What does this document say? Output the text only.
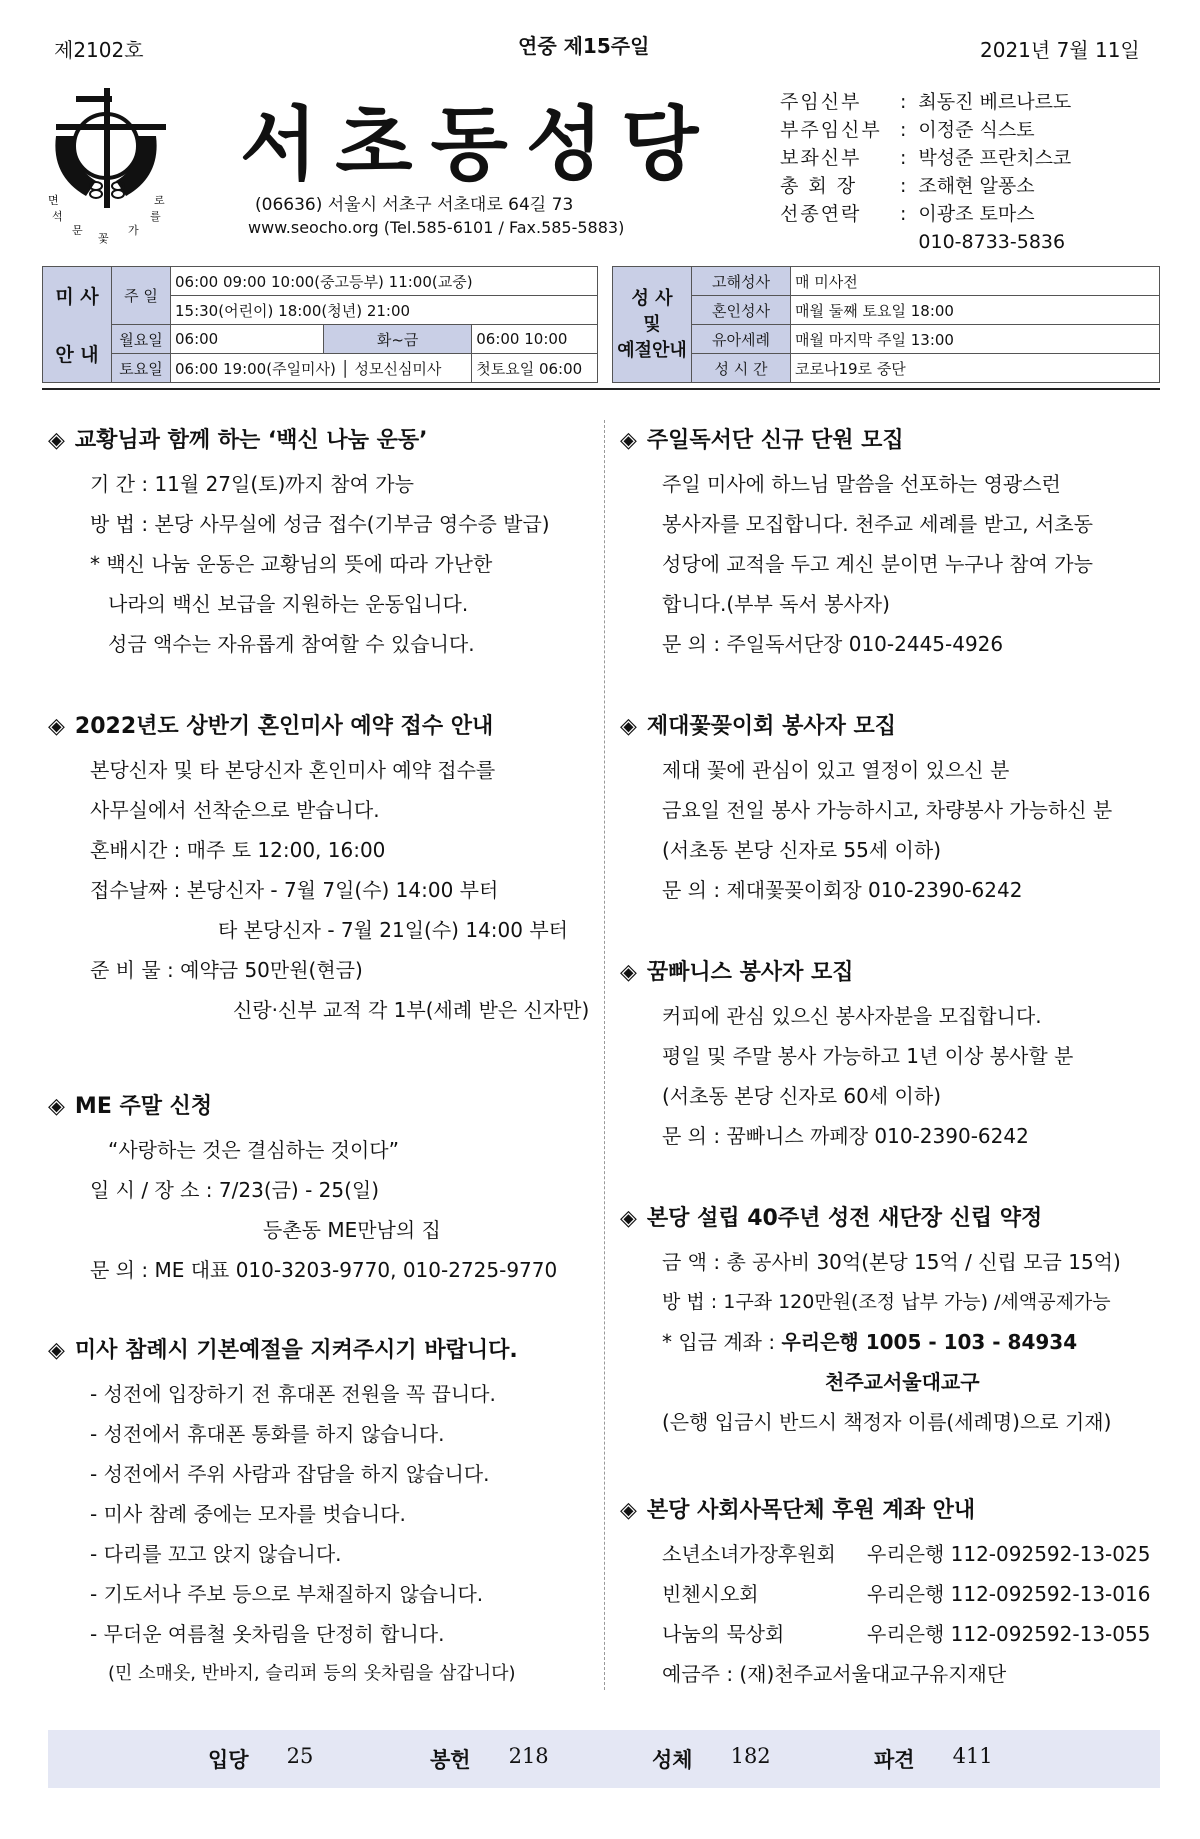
제2102호	연중 제15주일	2021년 7월 11일
면
석
문
꽃
가
로
를
서초동성당
(06636) 서울시 서초구 서초대로 64길 73
www.seocho.org (Tel.585-6101 / Fax.585-5883)
주임신부	: 최동진 베르나르도
부주임신부 : 이정준 식스토
보좌신부	: 박성준 프란치스코
총 회 장	: 조해현 알퐁소
선종연락	: 이광조 토마스
010-8733-5836
미 사	주 일	06:00 09:00 10:00(중고등부) 11:00(교중)		
		15:30(어린이) 18:00(청년) 21:00		
안 내	월요일	06:00	화~금	06:00 10:00
	토요일	06:00 19:00(주일미사) │ 성모신심미사		첫토요일 06:00
성 사
및
예절안내	고해성사	매 미사전
	혼인성사	매월 둘째 토요일 18:00
	유아세례	매월 마지막 주일 13:00
	성 시 간	코로나19로 중단
◈ 교황님과 함께 하는 ‘백신 나눔 운동’

기 간 : 11월 27일(토)까지 참여 가능

방 법 : 본당 사무실에 성금 접수(기부금 영수증 발급)

* 백신 나눔 운동은 교황님의 뜻에 따라 가난한

나라의 백신 보급을 지원하는 운동입니다.

성금 액수는 자유롭게 참여할 수 있습니다.

◈ 2022년도 상반기 혼인미사 예약 접수 안내

본당신자 및 타 본당신자 혼인미사 예약 접수를

사무실에서 선착순으로 받습니다.

혼배시간 : 매주 토 12:00, 16:00

접수날짜 : 본당신자 - 7월 7일(수) 14:00 부터

타 본당신자 - 7월 21일(수) 14:00 부터

준 비 물 : 예약금 50만원(현금)

신랑·신부 교적 각 1부(세례 받은 신자만)

◈ ME 주말 신청

“사랑하는 것은 결심하는 것이다”

일 시 / 장 소 : 7/23(금) - 25(일)

등촌동 ME만남의 집

문 의 : ME 대표 010-3203-9770, 010-2725-9770

◈ 미사 참례시 기본예절을 지켜주시기 바랍니다.

- 성전에 입장하기 전 휴대폰 전원을 꼭 끕니다.

- 성전에서 휴대폰 통화를 하지 않습니다.

- 성전에서 주위 사람과 잡담을 하지 않습니다.

- 미사 참례 중에는 모자를 벗습니다.

- 다리를 꼬고 앉지 않습니다.

- 기도서나 주보 등으로 부채질하지 않습니다.

- 무더운 여름철 옷차림을 단정히 합니다.

(민 소매옷, 반바지, 슬리퍼 등의 옷차림을 삼갑니다)

◈ 주일독서단 신규 단원 모집

주일 미사에 하느님 말씀을 선포하는 영광스런

봉사자를 모집합니다. 천주교 세례를 받고, 서초동

성당에 교적을 두고 계신 분이면 누구나 참여 가능

합니다.(부부 독서 봉사자)

문 의 : 주일독서단장 010-2445-4926

◈ 제대꽃꽂이회 봉사자 모집

제대 꽃에 관심이 있고 열정이 있으신 분

금요일 전일 봉사 가능하시고, 차량봉사 가능하신 분

(서초동 본당 신자로 55세 이하)

문 의 : 제대꽃꽂이회장 010-2390-6242

◈ 꿈빠니스 봉사자 모집

커피에 관심 있으신 봉사자분을 모집합니다.

평일 및 주말 봉사 가능하고 1년 이상 봉사할 분

(서초동 본당 신자로 60세 이하)

문 의 : 꿈빠니스 까페장 010-2390-6242

◈ 본당 설립 40주년 성전 새단장 신립 약정

금 액 : 총 공사비 30억(본당 15억 / 신립 모금 15억)

방 법 : 1구좌 120만원(조정 납부 가능) /세액공제가능

* 입금 계좌 : 우리은행 1005 - 103 - 84934

천주교서울대교구

(은행 입금시 반드시 책정자 이름(세례명)으로 기재)

◈ 본당 사회사목단체 후원 계좌 안내
소년소녀가장후원회	우리은행 112-092592-13-025
빈첸시오회	우리은행 112-092592-13-016
나눔의 묵상회	우리은행 112-092592-13-055

예금주 : (재)천주교서울대교구유지재단

입당 25	봉헌 218	성체 182	파견 411
